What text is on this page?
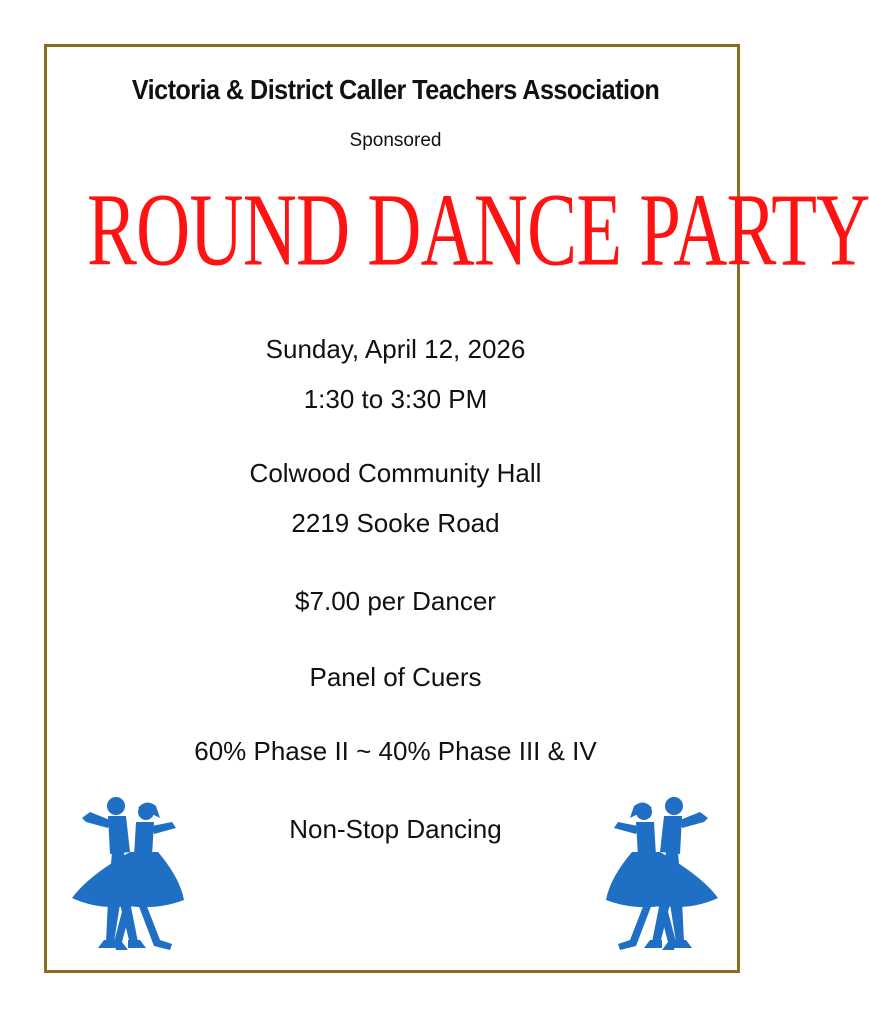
Victoria & District Caller Teachers Association
Sponsored
ROUND DANCE PARTY
Sunday, April 12, 2026
1:30 to 3:30 PM
Colwood Community Hall
2219 Sooke Road
$7.00 per Dancer
Panel of Cuers
60% Phase II ~ 40% Phase III & IV
Non-Stop Dancing
